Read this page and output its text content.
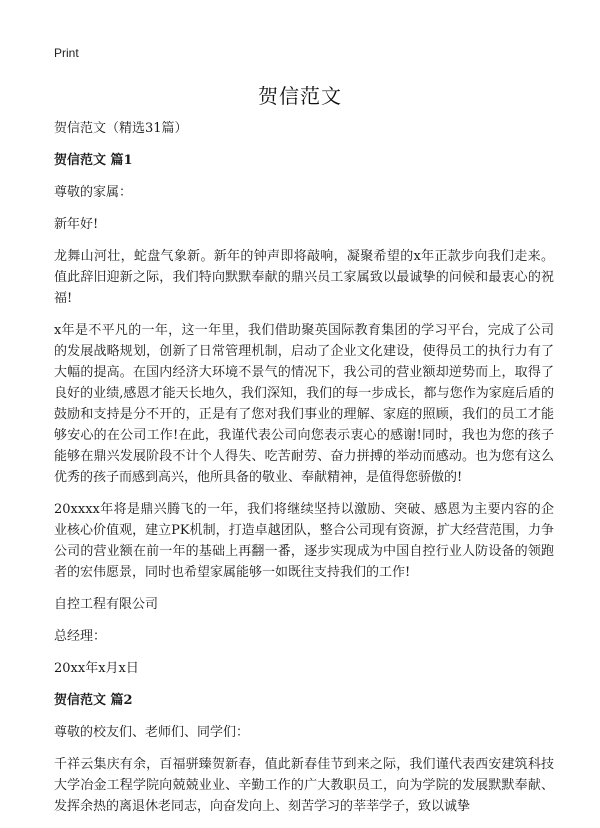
Print
贺信范文

贺信范文（精选31篇）

贺信范文 篇1

尊敬的家属：

新年好!

龙舞山河壮，蛇盘气象新。新年的钟声即将敲响，凝聚希望的x年正款步向我们走来。值此辞旧迎新之际，我们特向默默奉献的鼎兴员工家属致以最诚挚的问候和最衷心的祝福!

x年是不平凡的一年，这一年里，我们借助聚英国际教育集团的学习平台，完成了公司的发展战略规划，创新了日常管理机制，启动了企业文化建设，使得员工的执行力有了大幅的提高。在国内经济大环境不景气的情况下，我公司的营业额却逆势而上，取得了良好的业绩,感恩才能天长地久，我们深知，我们的每一步成长，都与您作为家庭后盾的鼓励和支持是分不开的，正是有了您对我们事业的理解、家庭的照顾，我们的员工才能够安心的在公司工作!在此，我谨代表公司向您表示衷心的感谢!同时，我也为您的孩子能够在鼎兴发展阶段不计个人得失、吃苦耐劳、奋力拼搏的举动而感动。也为您有这么优秀的孩子而感到高兴，他所具备的敬业、奉献精神，是值得您骄傲的!

20xxxx年将是鼎兴腾飞的一年，我们将继续坚持以激励、突破、感恩为主要内容的企业核心价值观，建立PK机制，打造卓越团队，整合公司现有资源，扩大经营范围，力争公司的营业额在前一年的基础上再翻一番，逐步实现成为中国自控行业人防设备的领跑者的宏伟愿景，同时也希望家属能够一如既往支持我们的工作!

自控工程有限公司

总经理：

20xx年x月x日

贺信范文 篇2

尊敬的校友们、老师们、同学们：

千祥云集庆有余，百福骈臻贺新春，值此新春佳节到来之际，我们谨代表西安建筑科技大学冶金工程学院向兢兢业业、辛勤工作的广大教职员工，向为学院的发展默默奉献、发挥余热的离退休老同志，向奋发向上、刻苦学习的莘莘学子，致以诚挚
